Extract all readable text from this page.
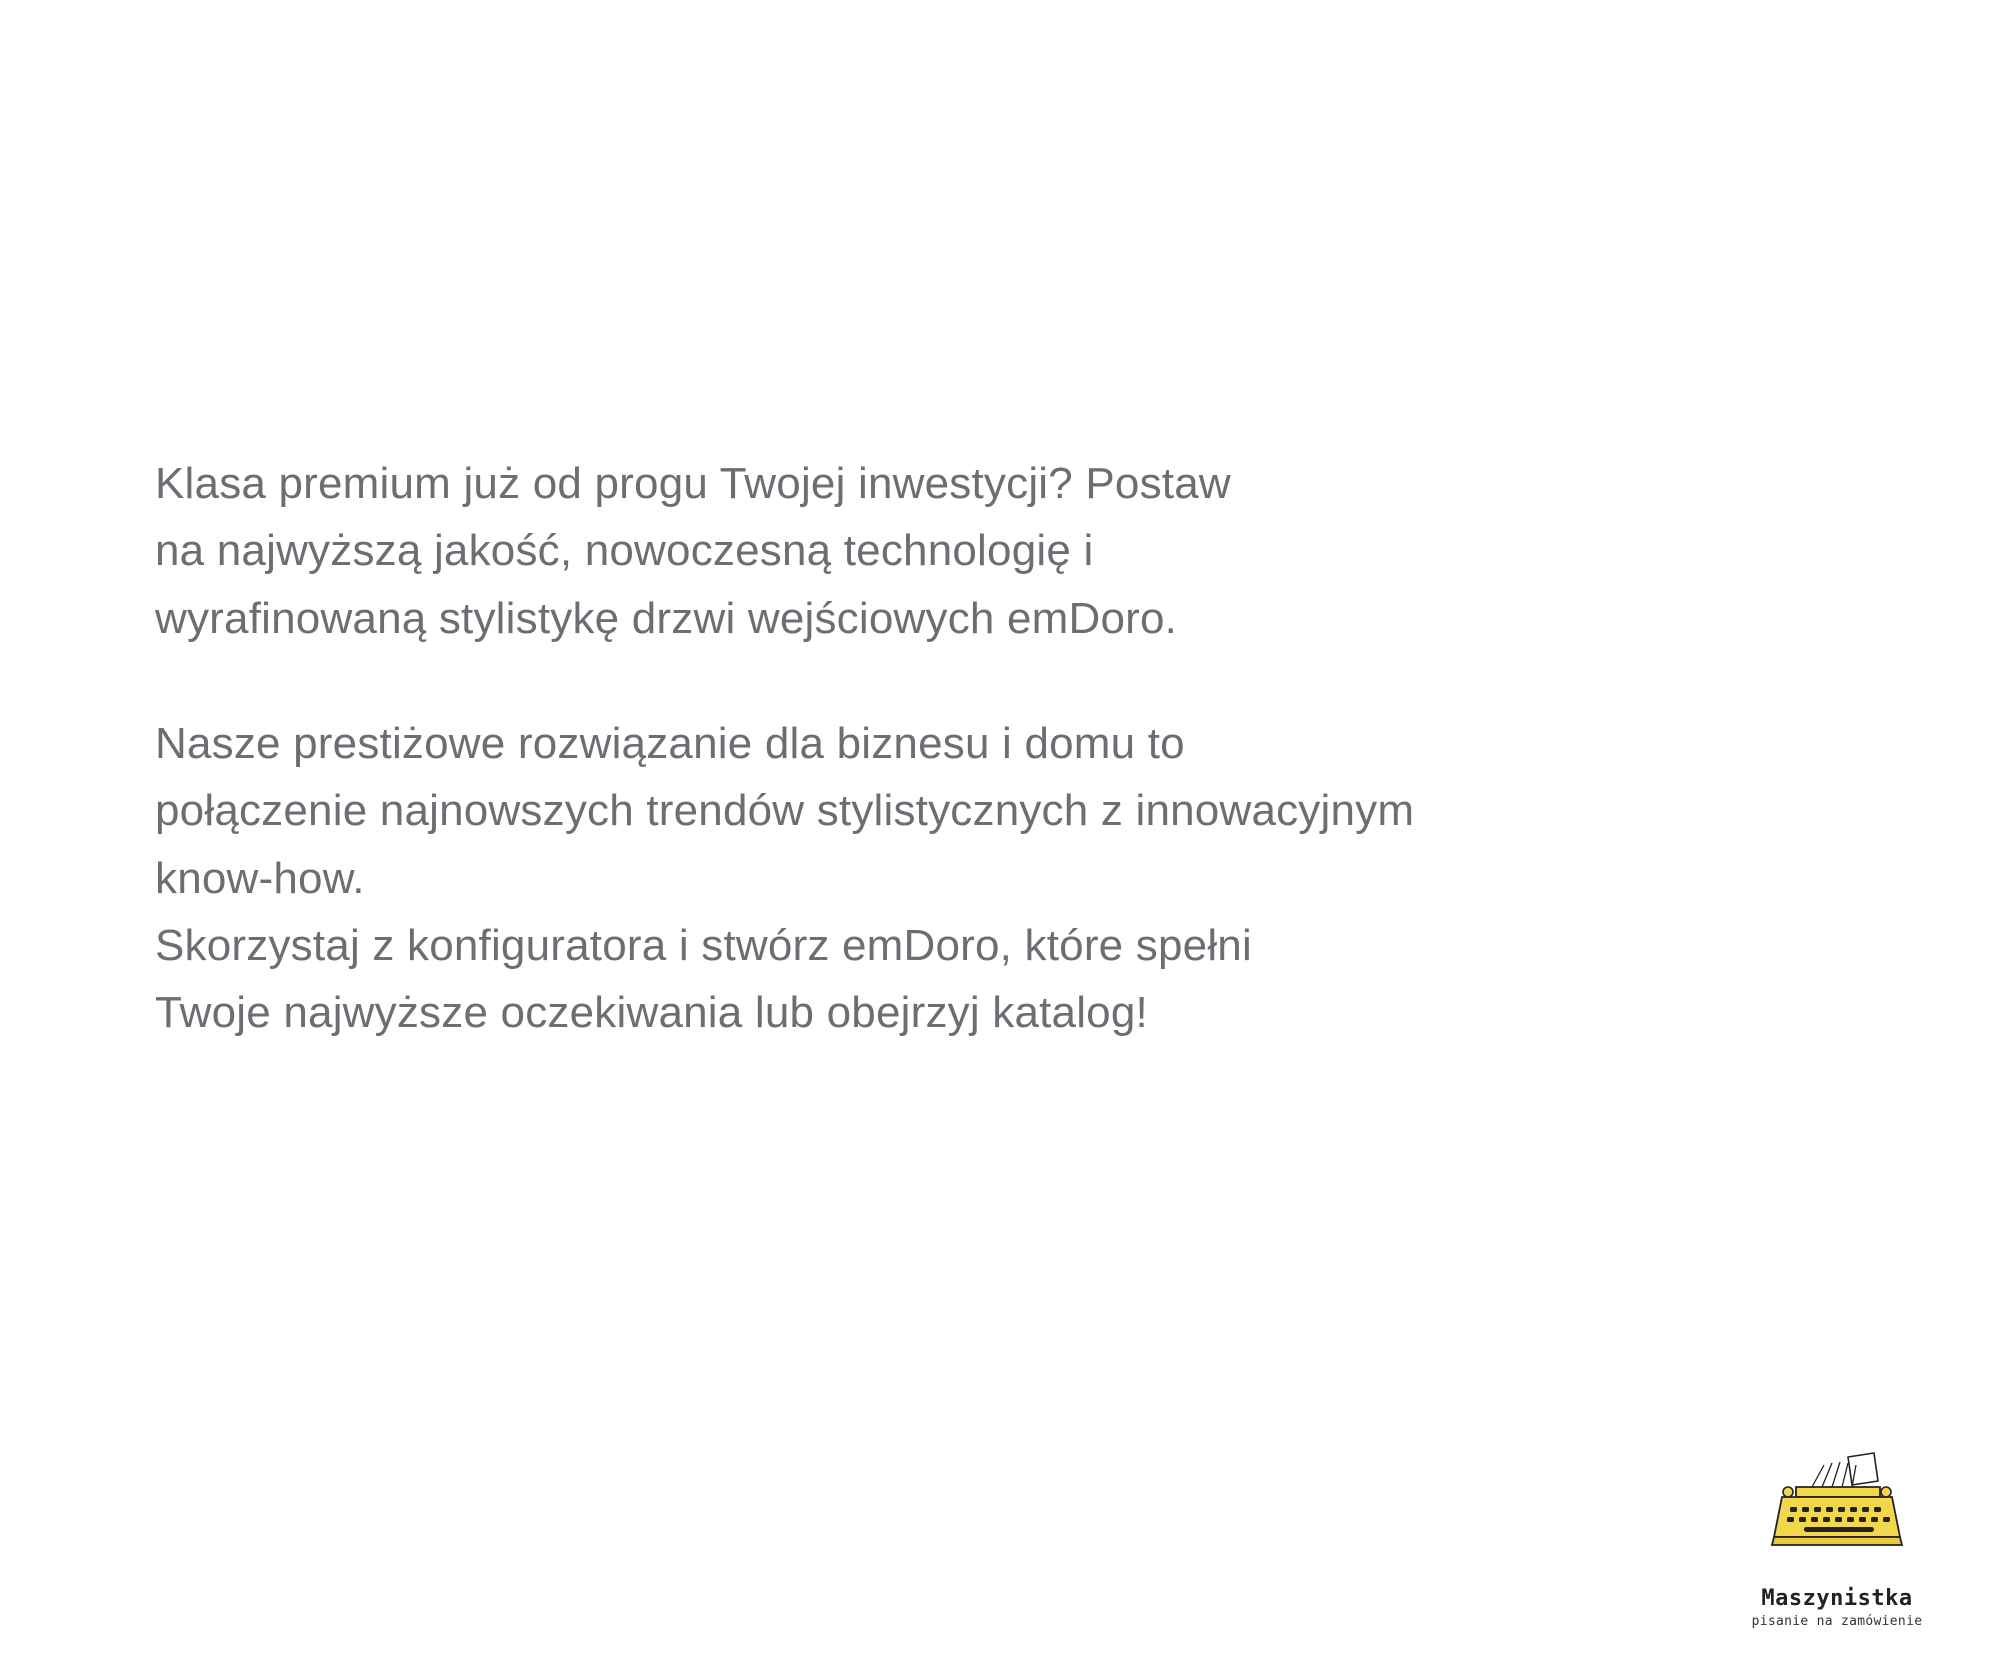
Klasa premium już od progu Twojej inwestycji? Postaw
na najwyższą jakość, nowoczesną technologię i
wyrafinowaną stylistykę drzwi wejściowych emDoro.

Nasze prestiżowe rozwiązanie dla biznesu i domu to
połączenie najnowszych trendów stylistycznych z innowacyjnym
know-how.
Skorzystaj z konfiguratora i stwórz emDoro, które spełni
Twoje najwyższe oczekiwania lub obejrzyj katalog!

Maszynistka
pisanie na zamówienie
